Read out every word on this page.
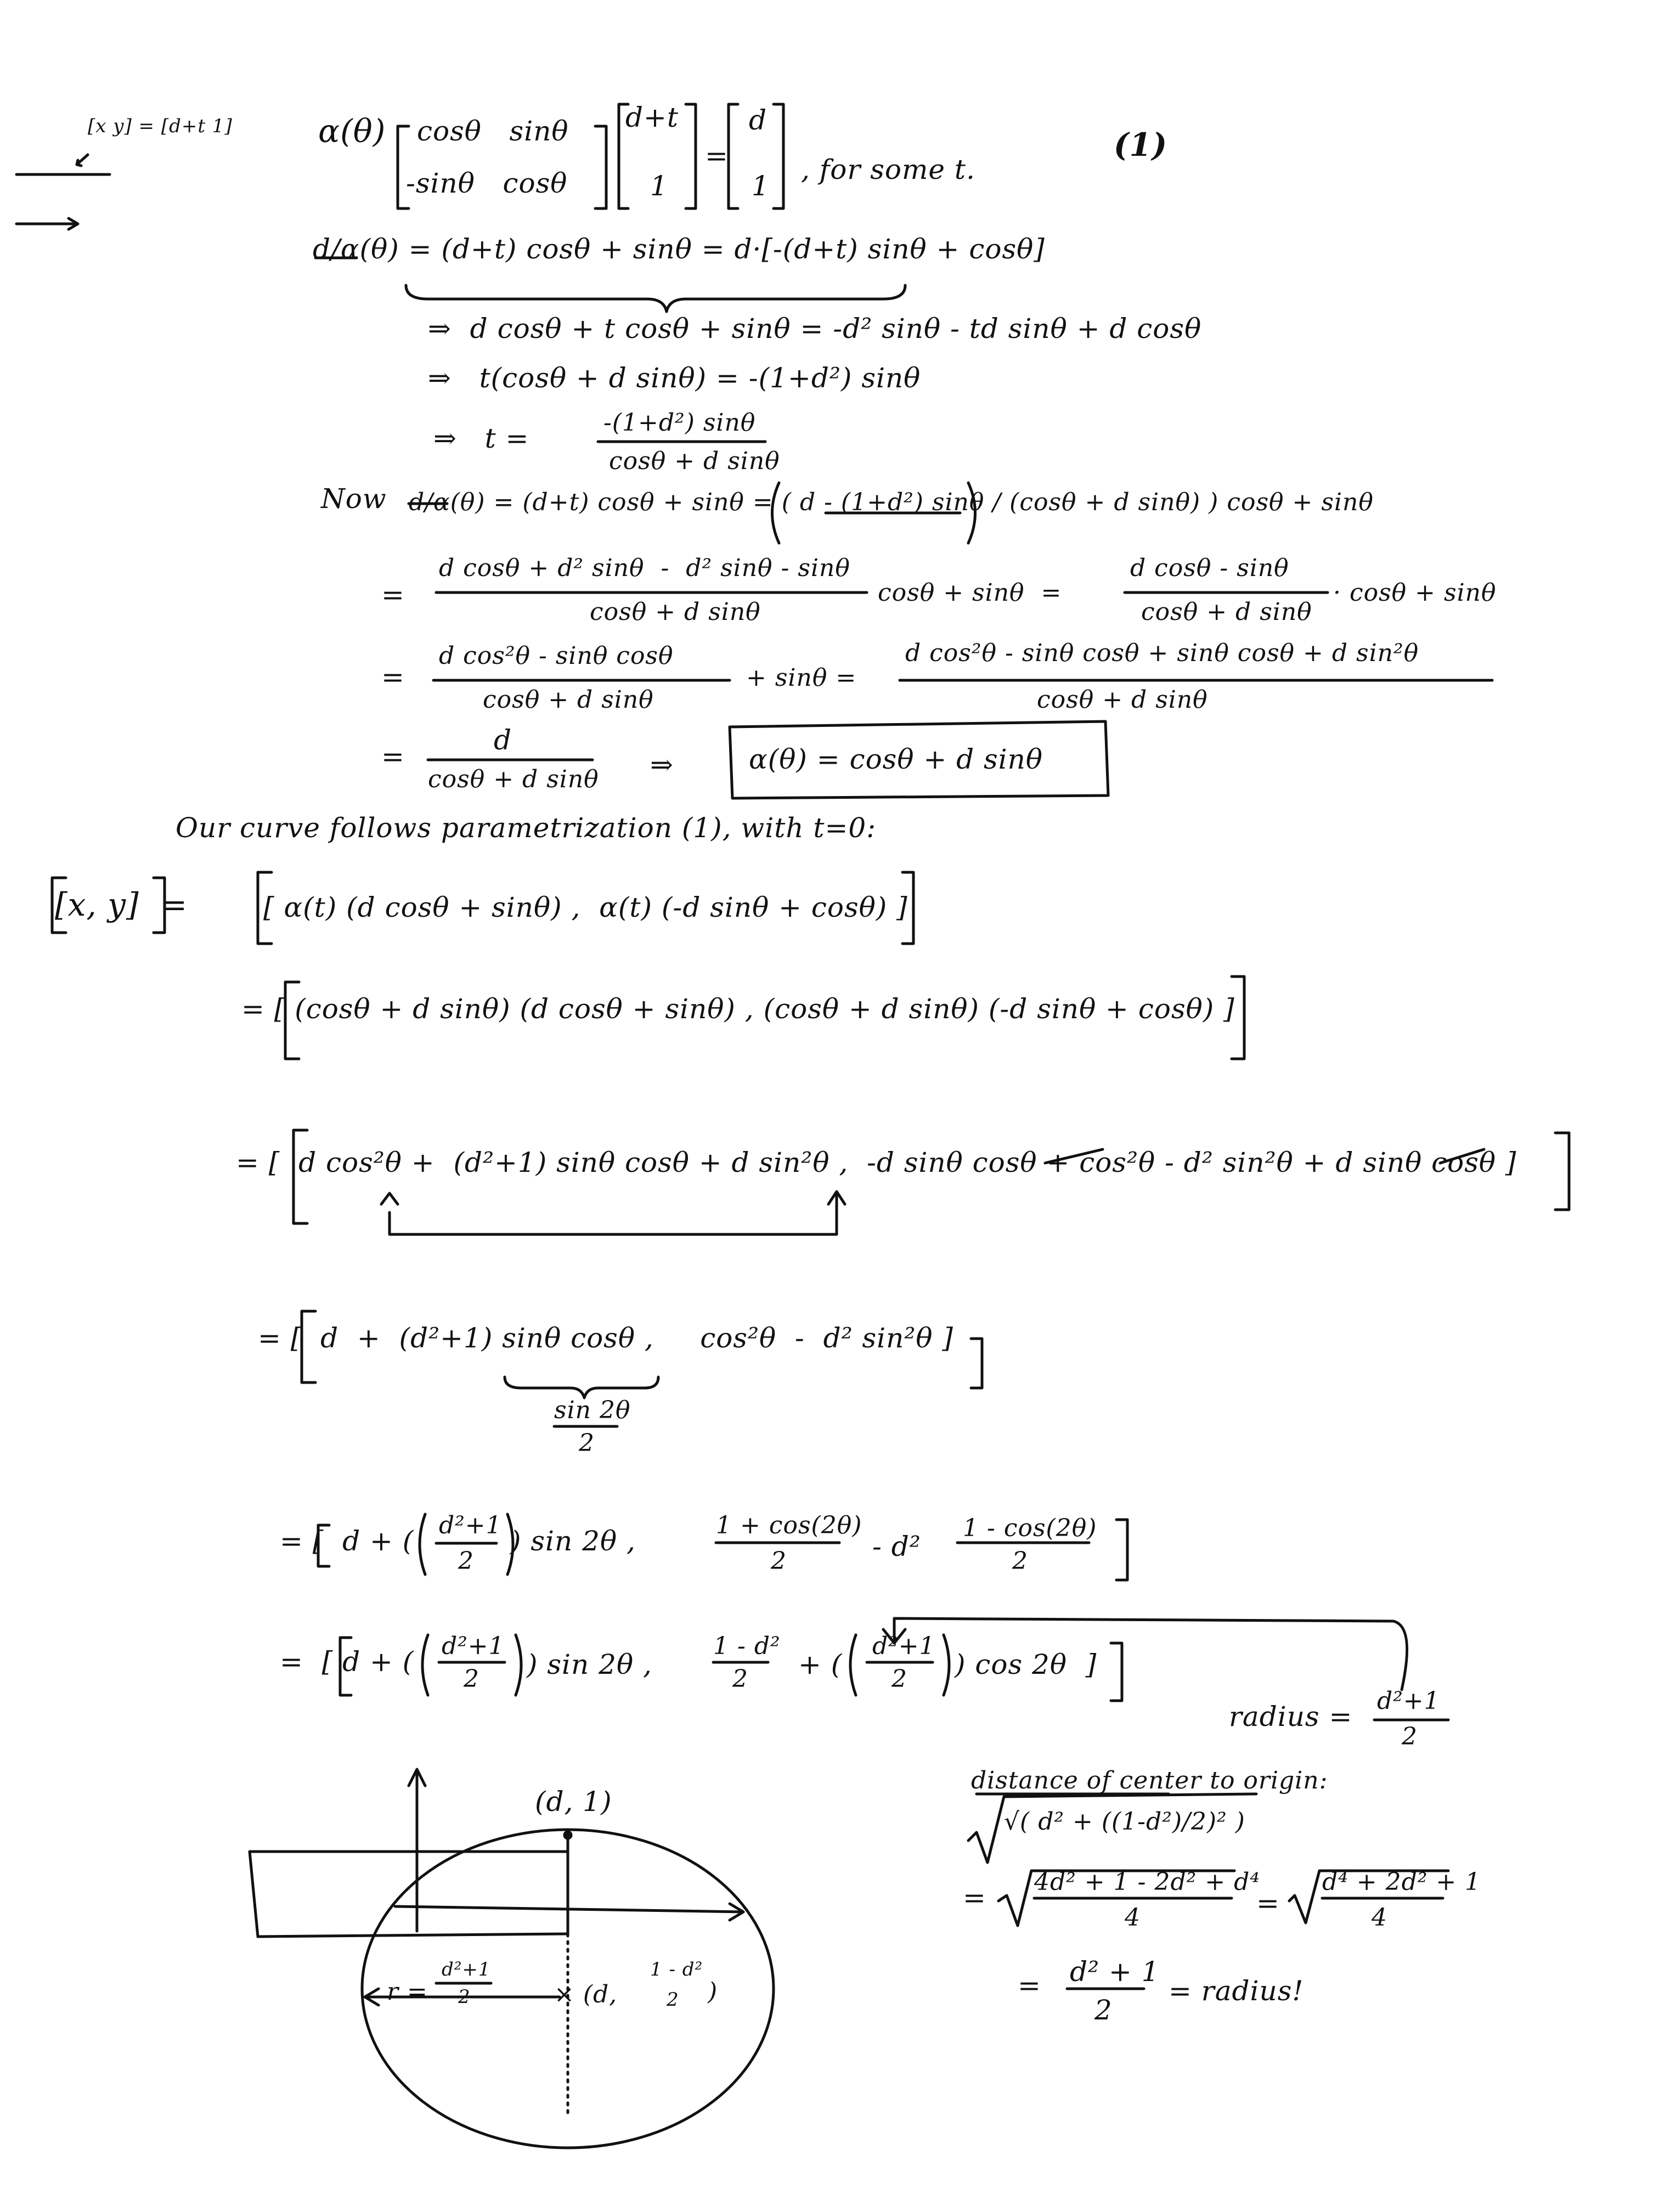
[x y] = [d+t 1]	α(θ) cosθ   sinθ
-sinθ   cosθ
d+t
1
=
d
1
, for some t.
(1)
d/α(θ) = (d+t) cosθ + sinθ = d·[-(d+t) sinθ + cosθ]
⇒  d cosθ + t cosθ + sinθ = -d² sinθ - td sinθ + d cosθ
⇒   t(cosθ + d sinθ) = -(1+d²) sinθ
⇒   t =	-(1+d²) sinθ
cosθ + d sinθ
Now d/α(θ) = (d+t) cosθ + sinθ = ( d - (1+d²) sinθ / (cosθ + d sinθ) ) cosθ + sinθ
=
d cosθ + d² sinθ  -  d² sinθ - sinθ
cosθ + d sinθ
cosθ + sinθ  =
d cosθ - sinθ
cosθ + d sinθ
· cosθ + sinθ
=
d cos²θ - sinθ cosθ
cosθ + d sinθ
+ sinθ =
d cos²θ - sinθ cosθ + sinθ cosθ + d sin²θ
cosθ + d sinθ
=
d
cosθ + d sinθ ⇒	α(θ) = cosθ + d sinθ
Our curve follows parametrization (1), with t=0:
[x, y]  =	[ α(t) (d cosθ + sinθ) ,  α(t) (-d sinθ + cosθ) ]
= [ (cosθ + d sinθ) (d cosθ + sinθ) , (cosθ + d sinθ) (-d sinθ + cosθ) ]
= [  d cos²θ +  (d²+1) sinθ cosθ + d sin²θ ,  -d sinθ cosθ + cos²θ - d² sin²θ + d sinθ cosθ ]
= [  d  +  (d²+1) sinθ cosθ ,     cos²θ  -  d² sin²θ ]
sin 2θ
2
= [  d + ( d²+1
2
) sin 2θ ,	1 + cos(2θ)
2	- d²
1 - cos(2θ)
2
=  [ d + ( d²+1
2 ) sin 2θ ,
1 - d²
2 + (
d²+1
2 ) cos 2θ  ]
radius = d²+1
2
(d, 1)
r =
d²+1
2	× (d,
1 - d²
2 )
distance of center to origin:
√( d² + ((1-d²)/2)² )
= 4d² + 1 - 2d² + d⁴
4	=
d⁴ + 2d² + 1
4
= d² + 1
2
= radius!
